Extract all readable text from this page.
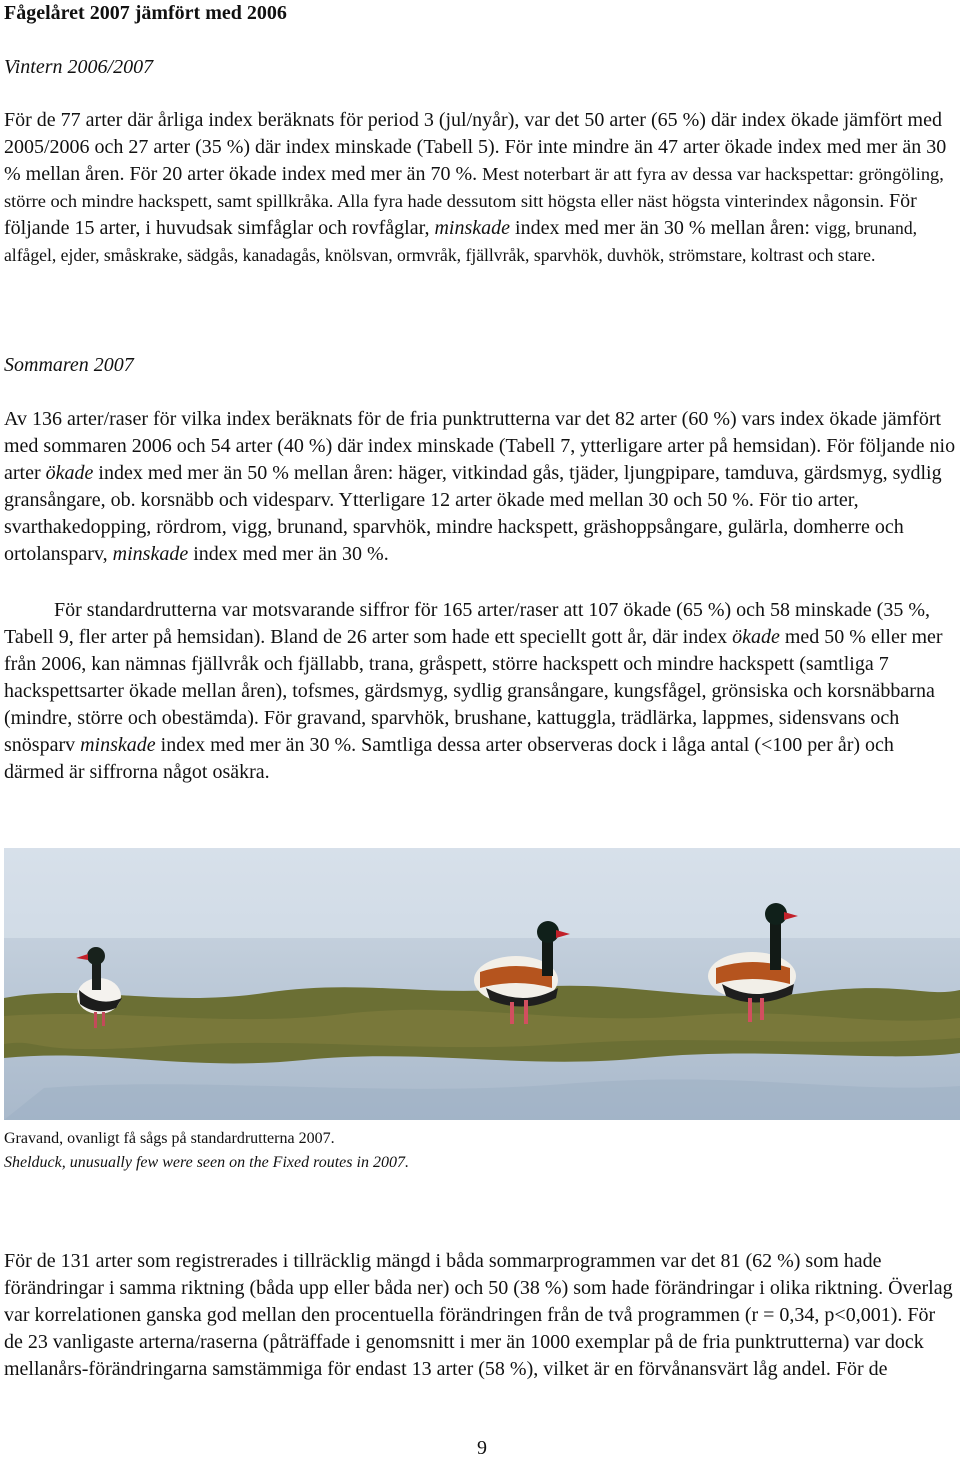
Fågelåret 2007 jämfört med 2006

Vintern 2006/2007

För de 77 arter där årliga index beräknats för period 3 (jul/nyår), var det 50 arter (65 %) där index ökade jämfört med 2005/2006 och 27 arter (35 %) där index minskade (Tabell 5). För inte mindre än 47 arter ökade index med mer än 30 % mellan åren. För 20 arter ökade index med mer än 70 %. Mest noterbart är att fyra av dessa var hackspettar: gröngöling, större och mindre hackspett, samt spillkråka. Alla fyra hade dessutom sitt högsta eller näst högsta vinterindex någonsin. För följande 15 arter, i huvudsak simfåglar och rovfåglar, minskade index med mer än 30 % mellan åren: vigg, brunand, alfågel, ejder, småskrake, sädgås, kanadagås, knölsvan, ormvråk, fjällvråk, sparvhök, duvhök, strömstare, koltrast och stare.

Sommaren 2007

Av 136 arter/raser för vilka index beräknats för de fria punktrutterna var det 82 arter (60 %) vars index ökade jämfört med sommaren 2006 och 54 arter (40 %) där index minskade (Tabell 7, ytterligare arter på hemsidan). För följande nio arter ökade index med mer än 50 % mellan åren: häger, vitkindad gås, tjäder, ljungpipare, tamduva, gärdsmyg, sydlig gransångare, ob. korsnäbb och videsparv. Ytterligare 12 arter ökade med mellan 30 och 50 %. För tio arter, svarthakedopping, rördrom, vigg, brunand, sparvhök, mindre hackspett, gräshoppsångare, gulärla, domherre och ortolansparv, minskade index med mer än 30 %.

För standardrutterna var motsvarande siffror för 165 arter/raser att 107 ökade (65 %) och 58 minskade (35 %, Tabell 9, fler arter på hemsidan). Bland de 26 arter som hade ett speciellt gott år, där index ökade med 50 % eller mer från 2006, kan nämnas fjällvråk och fjällabb, trana, gråspett, större hackspett och mindre hackspett (samtliga 7 hackspettsarter ökade mellan åren), tofsmes, gärdsmyg, sydlig gransångare, kungsfågel, grönsiska och korsnäbbarna (mindre, större och obestämda). För gravand, sparvhök, brushane, kattuggla, trädlärka, lappmes, sidensvans och snösparv minskade index med mer än 30 %. Samtliga dessa arter observeras dock i låga antal (<100 per år) och därmed är siffrorna något osäkra.

Gravand, ovanligt få sågs på standardrutterna 2007.
Shelduck, unusually few were seen on the Fixed routes in 2007.

För de 131 arter som registrerades i tillräcklig mängd i båda sommarprogrammen var det 81 (62 %) som hade förändringar i samma riktning (båda upp eller båda ner) och 50 (38 %) som hade förändringar i olika riktning. Överlag var korrelationen ganska god mellan den procentuella förändringen från de två programmen (r = 0,34, p<0,001). För de 23 vanligaste arterna/raserna (påträffade i genomsnitt i mer än 1000 exemplar på de fria punktrutterna) var dock mellanårs-förändringarna samstämmiga för endast 13 arter (58 %), vilket är en förvånansvärt låg andel. För de

9
